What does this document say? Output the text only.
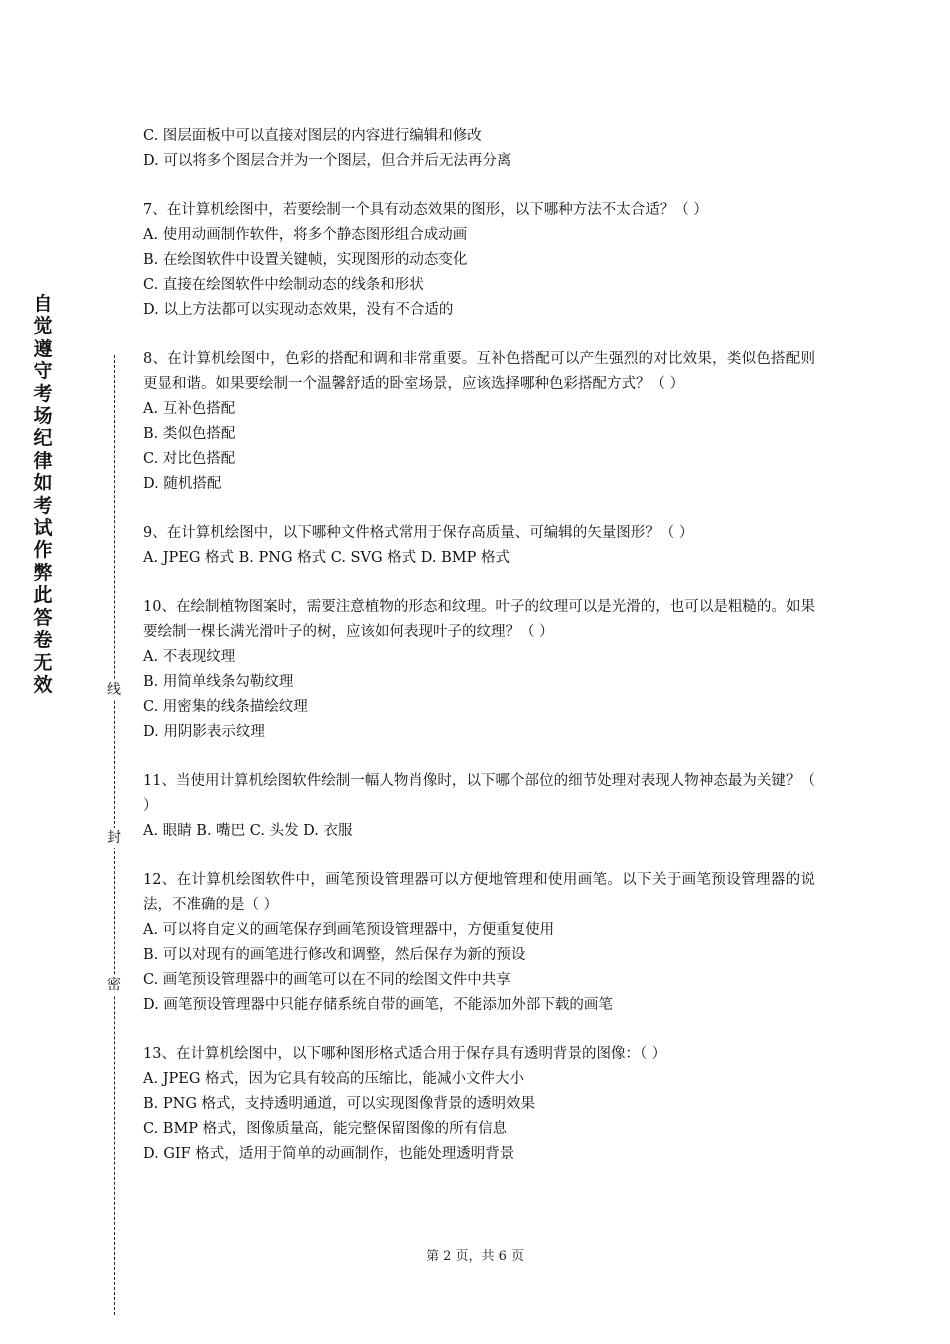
自觉遵守考场纪律如考试作弊此答卷无效	线
封
密
C. 图层面板中可以直接对图层的内容进行编辑和修改
D. 可以将多个图层合并为一个图层，但合并后无法再分离
7、在计算机绘图中，若要绘制一个具有动态效果的图形，以下哪种方法不太合适？（ ）
A. 使用动画制作软件，将多个静态图形组合成动画
B. 在绘图软件中设置关键帧，实现图形的动态变化
C. 直接在绘图软件中绘制动态的线条和形状
D. 以上方法都可以实现动态效果，没有不合适的
8、在计算机绘图中，色彩的搭配和调和非常重要。互补色搭配可以产生强烈的对比效果，类似色搭配则更显和谐。如果要绘制一个温馨舒适的卧室场景，应该选择哪种色彩搭配方式？（ ）
A. 互补色搭配
B. 类似色搭配
C. 对比色搭配
D. 随机搭配
9、在计算机绘图中，以下哪种文件格式常用于保存高质量、可编辑的矢量图形？（ ）
A. JPEG 格式 B. PNG 格式 C. SVG 格式 D. BMP 格式
10、在绘制植物图案时，需要注意植物的形态和纹理。叶子的纹理可以是光滑的，也可以是粗糙的。如果要绘制一棵长满光滑叶子的树，应该如何表现叶子的纹理？（ ）
A. 不表现纹理
B. 用简单线条勾勒纹理
C. 用密集的线条描绘纹理
D. 用阴影表示纹理
11、当使用计算机绘图软件绘制一幅人物肖像时，以下哪个部位的细节处理对表现人物神态最为关键？（ ）
A. 眼睛 B. 嘴巴 C. 头发 D. 衣服
12、在计算机绘图软件中，画笔预设管理器可以方便地管理和使用画笔。以下关于画笔预设管理器的说法，不准确的是（ ）
A. 可以将自定义的画笔保存到画笔预设管理器中，方便重复使用
B. 可以对现有的画笔进行修改和调整，然后保存为新的预设
C. 画笔预设管理器中的画笔可以在不同的绘图文件中共享
D. 画笔预设管理器中只能存储系统自带的画笔，不能添加外部下载的画笔
13、在计算机绘图中，以下哪种图形格式适合用于保存具有透明背景的图像：（ ）
A. JPEG 格式，因为它具有较高的压缩比，能减小文件大小
B. PNG 格式，支持透明通道，可以实现图像背景的透明效果
C. BMP 格式，图像质量高，能完整保留图像的所有信息
D. GIF 格式，适用于简单的动画制作，也能处理透明背景
第 2 页，共 6 页
